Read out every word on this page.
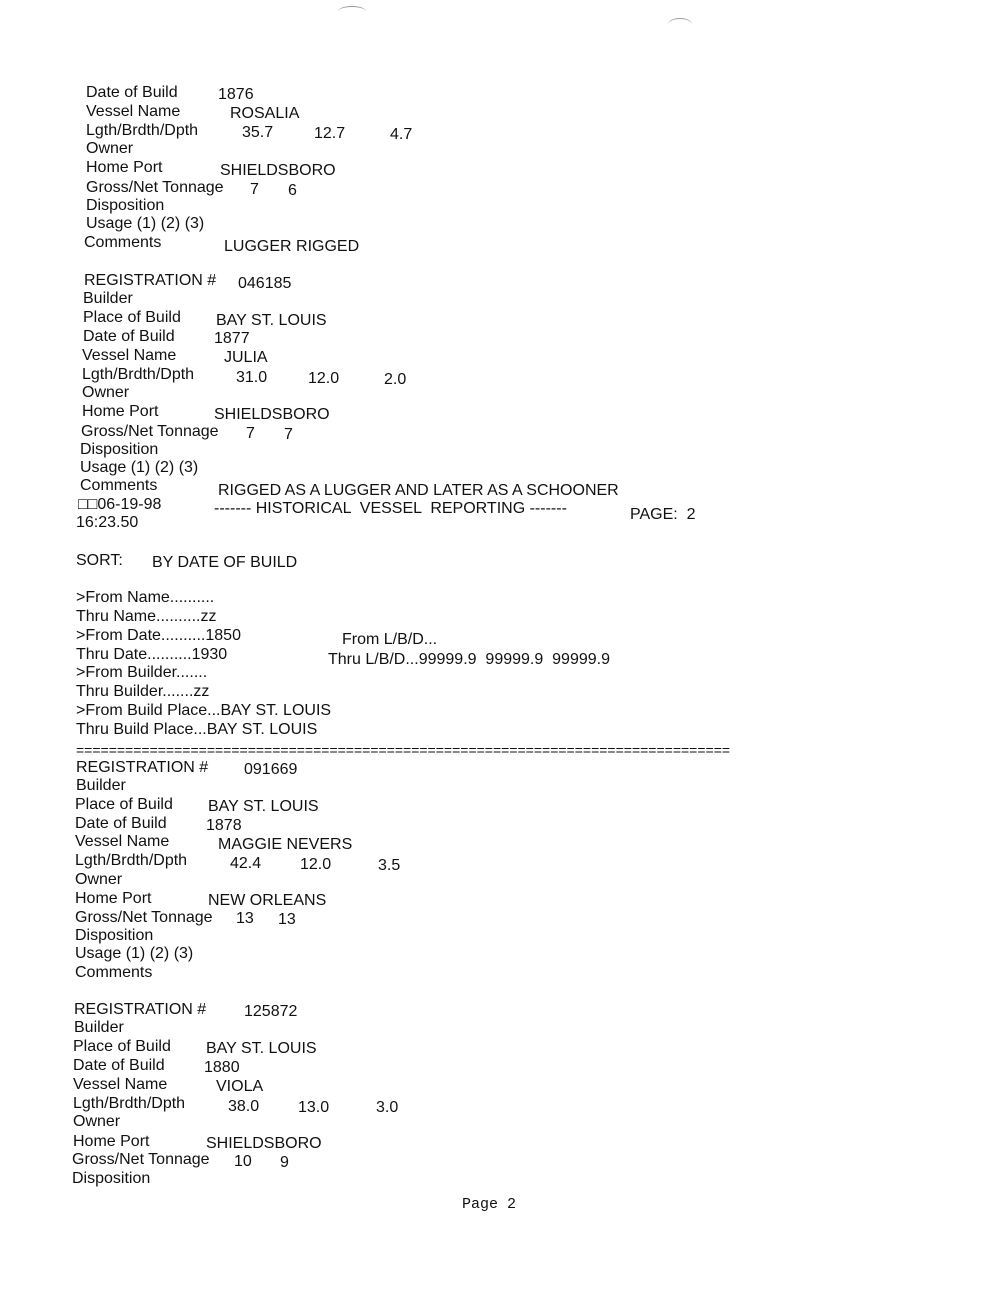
Date of Build	1876
Vessel Name	ROSALIA
Lgth/Brdth/Dpth	35.7	12.7	4.7
Owner
Home Port	SHIELDSBORO
Gross/Net Tonnage 7 6
Disposition
Usage (1) (2) (3)
Comments	LUGGER RIGGED
REGISTRATION # 046185
Builder
Place of Build BAY ST. LOUIS
Date of Build 1877
Vessel Name	JULIA
Lgth/Brdth/Dpth	31.0	12.0	2.0
Owner
Home Port	SHIELDSBORO
Gross/Net Tonnage 7 7
Disposition
Usage (1) (2) (3)
Comments	RIGGED AS A LUGGER AND LATER AS A SCHOONER
□□06-19-98	------- HISTORICAL  VESSEL  REPORTING -------	PAGE:  2
16:23.50
SORT: BY DATE OF BUILD
>From Name..........
Thru Name..........zz
>From Date..........1850
Thru Date..........1930
>From Builder.......
Thru Builder.......zz
>From Build Place...BAY ST. LOUIS
Thru Build Place...BAY ST. LOUIS
From L/B/D...
Thru L/B/D...99999.9  99999.9  99999.9
================================================================================
REGISTRATION # 091669
Builder
Place of Build BAY ST. LOUIS
Date of Build 1878
Vessel Name	MAGGIE NEVERS
Lgth/Brdth/Dpth	42.4 12.0	3.5
Owner
Home Port	NEW ORLEANS
Gross/Net Tonnage 13 13
Disposition
Usage (1) (2) (3)
Comments
REGISTRATION # 125872
Builder
Place of Build BAY ST. LOUIS
Date of Build 1880
Vessel Name	VIOLA
Lgth/Brdth/Dpth	38.0 13.0	3.0
Owner
Home Port	SHIELDSBORO
Gross/Net Tonnage 10 9
Disposition
Page 2
